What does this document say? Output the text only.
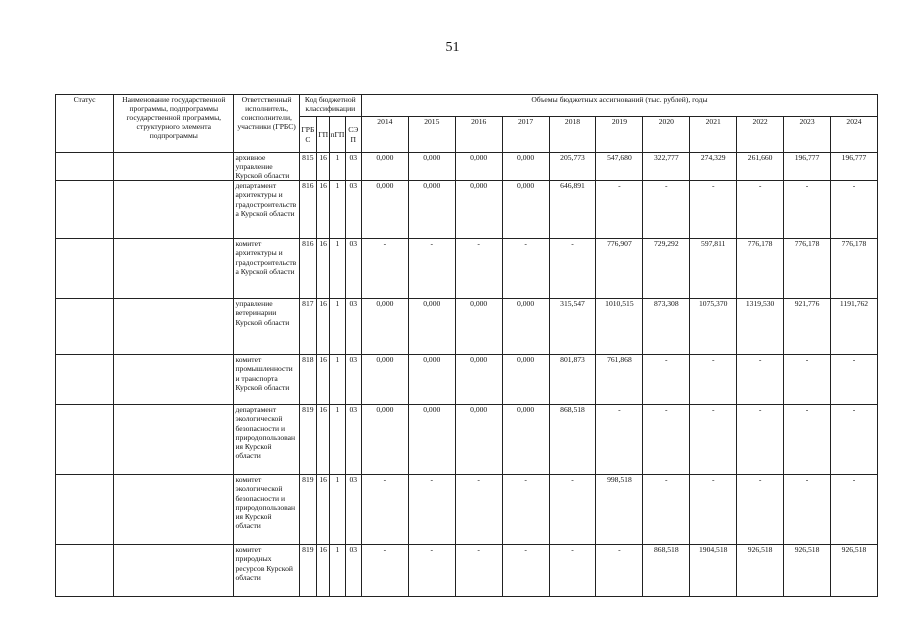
51
Статус	Наименование государственной программы, подпрограммы государственной программы, структурного элемента подпрограммы	Ответственный исполнитель, соисполнители, участники (ГРБС)	Код бюджетной классификации				Объемы бюджетных ассигнований (тыс. рублей), годы										
			ГРБС	ГП	пГП	СЭП	2014	2015	2016	2017	2018	2019	2020	2021	2022	2023	2024
		архивное управление Курской области	815	16	1	03	0,000	0,000	0,000	0,000	205,773	547,680	322,777	274,329	261,660	196,777	196,777
		департамент архитектуры и градостроительства Курской области	816	16	1	03	0,000	0,000	0,000	0,000	646,891	-	-	-	-	-	-
		комитет архитектуры и градостроительства Курской области	816	16	1	03	-	-	-	-	-	776,907	729,292	597,811	776,178	776,178	776,178
		управление ветеринарии Курской области	817	16	1	03	0,000	0,000	0,000	0,000	315,547	1010,515	873,308	1075,370	1319,530	921,776	1191,762
		комитет промышленности и транспорта Курской области	818	16	1	03	0,000	0,000	0,000	0,000	801,873	761,868	-	-	-	-	-
		департамент экологической безопасности и природопользования Курской области	819	16	1	03	0,000	0,000	0,000	0,000	868,518	-	-	-	-	-	-
		комитет экологической безопасности и природопользования Курской области	819	16	1	03	-	-	-	-	-	998,518	-	-	-	-	-
		комитет природных ресурсов Курской области	819	16	1	03	-	-	-	-	-	-	868,518	1904,518	926,518	926,518	926,518
